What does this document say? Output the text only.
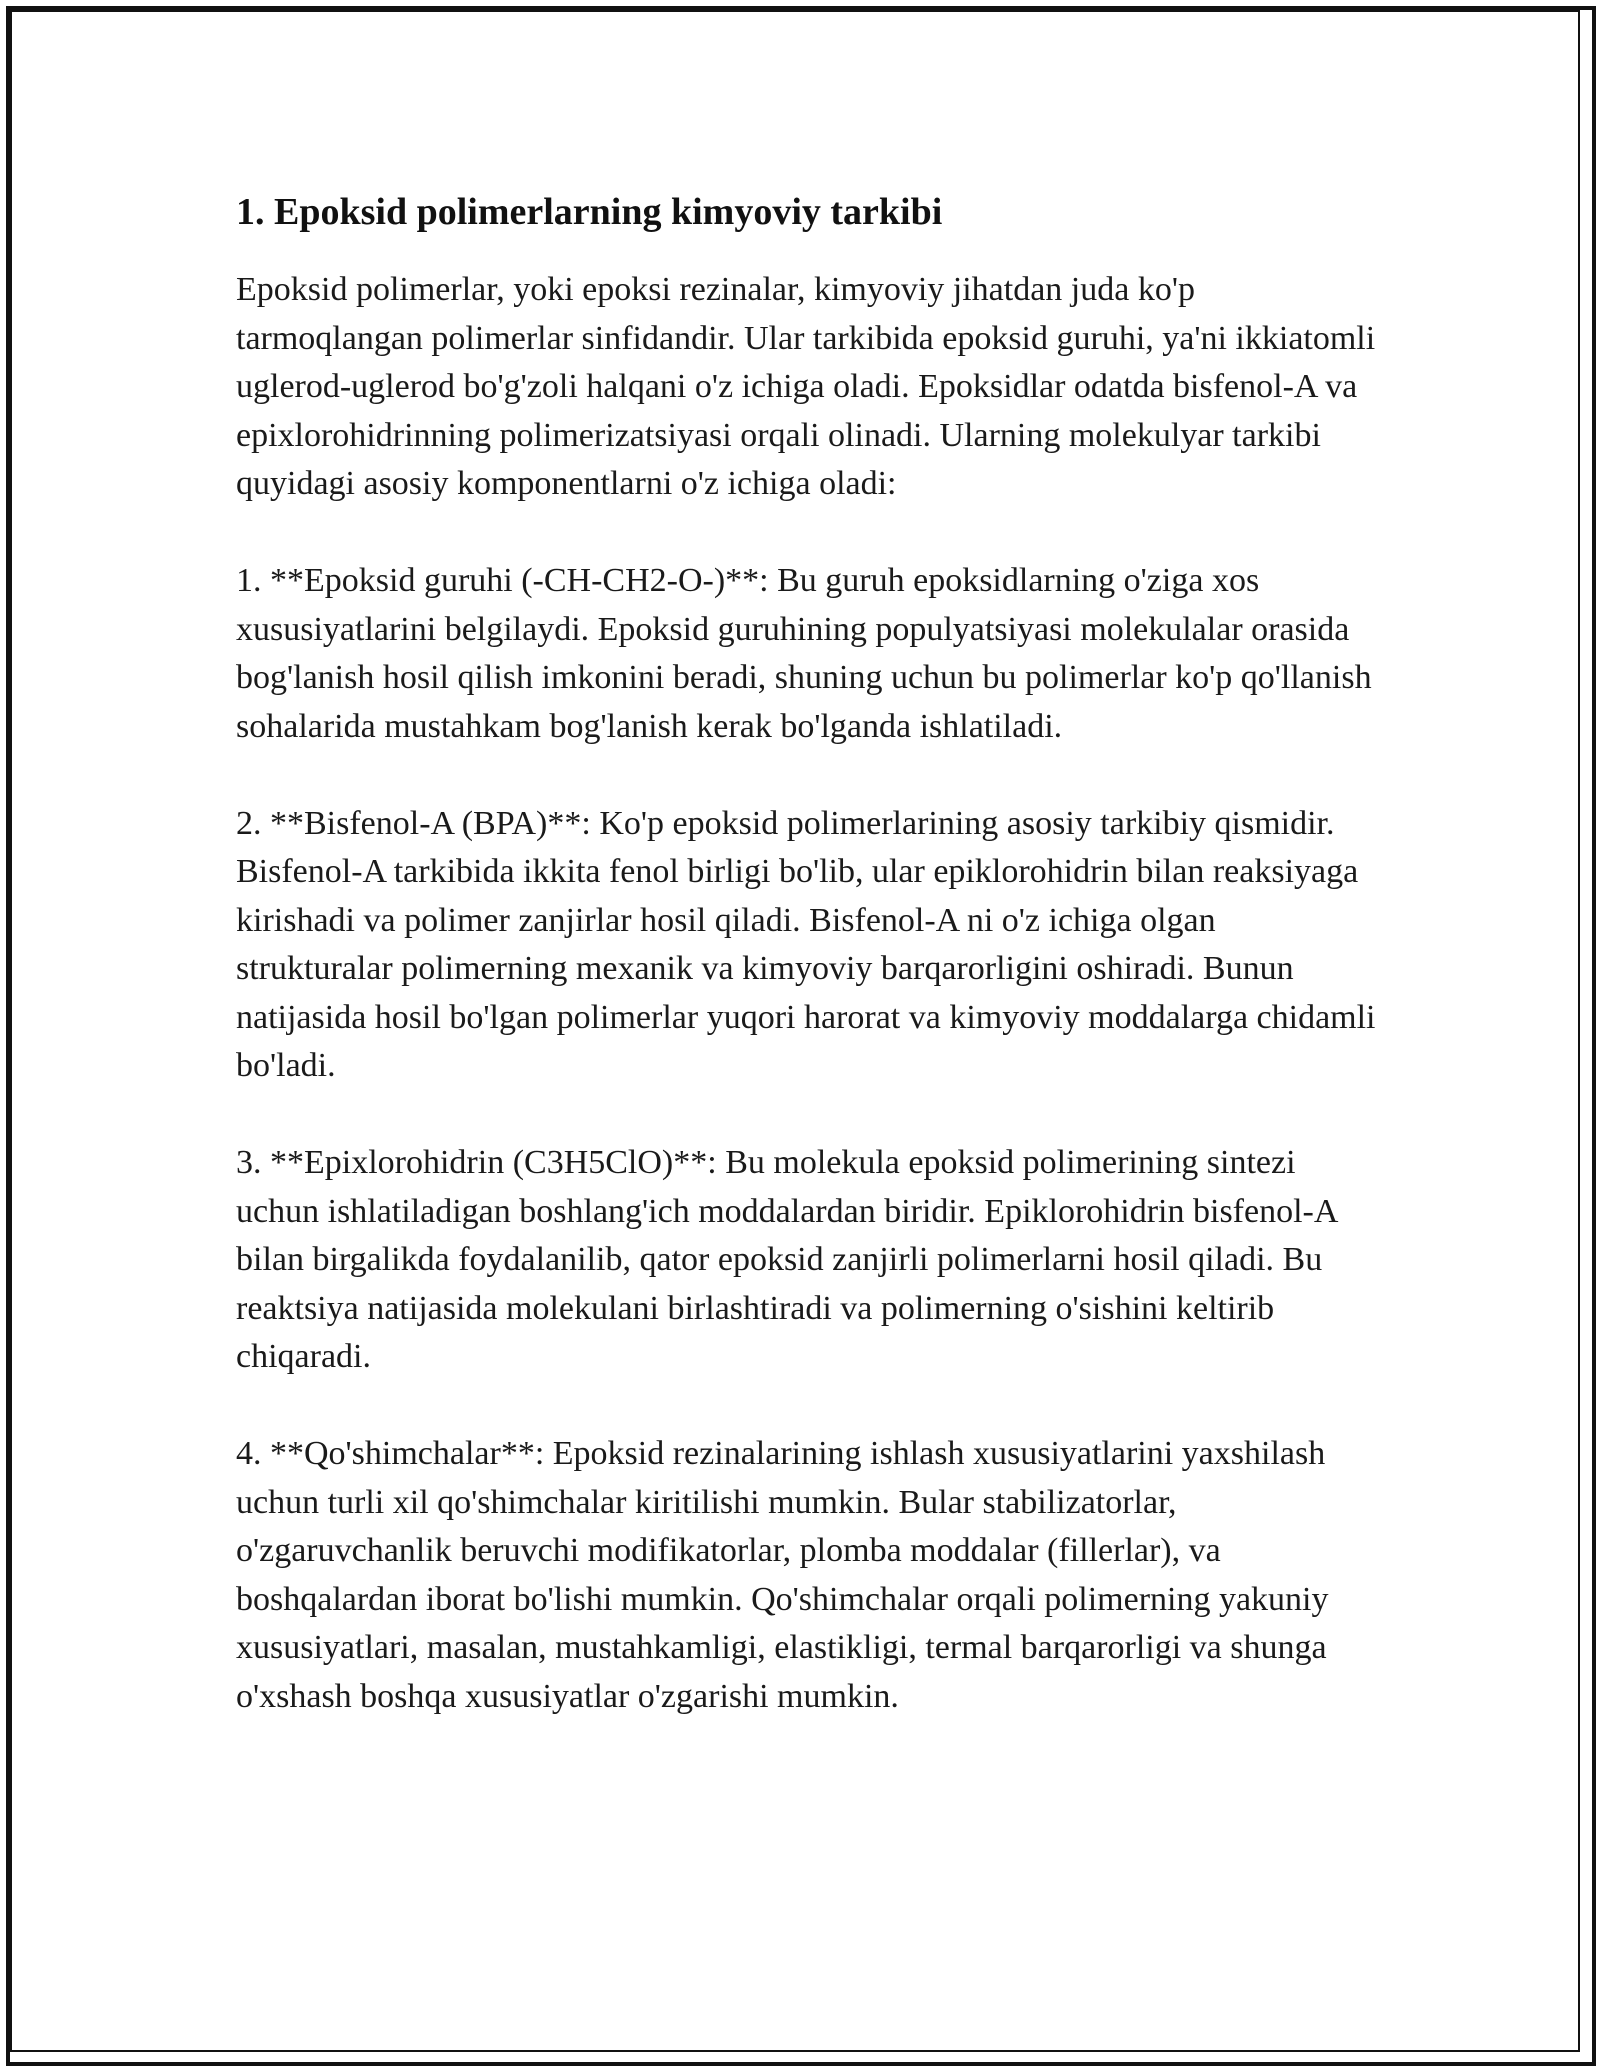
1. Epoksid polimerlarning kimyoviy tarkibi

Epoksid polimerlar, yoki epoksi rezinalar, kimyoviy jihatdan juda ko'p tarmoqlangan polimerlar sinfidandir. Ular tarkibida epoksid guruhi, ya'ni ikkiatomli uglerod-uglerod bo'g'zoli halqani o'z ichiga oladi. Epoksidlar odatda bisfenol-A va epixlorohidrinning polimerizatsiyasi orqali olinadi. Ularning molekulyar tarkibi quyidagi asosiy komponentlarni o'z ichiga oladi:

1. **Epoksid guruhi (-CH-CH2-O-)**: Bu guruh epoksidlarning o'ziga xos xususiyatlarini belgilaydi. Epoksid guruhining populyatsiyasi molekulalar orasida bog'lanish hosil qilish imkonini beradi, shuning uchun bu polimerlar ko'p qo'llanish sohalarida mustahkam bog'lanish kerak bo'lganda ishlatiladi.

2. **Bisfenol-A (BPA)**: Ko'p epoksid polimerlarining asosiy tarkibiy qismidir. Bisfenol-A tarkibida ikkita fenol birligi bo'lib, ular epiklorohidrin bilan reaksiyaga kirishadi va polimer zanjirlar hosil qiladi. Bisfenol-A ni o'z ichiga olgan strukturalar polimerning mexanik va kimyoviy barqarorligini oshiradi. Bunun natijasida hosil bo'lgan polimerlar yuqori harorat va kimyoviy moddalarga chidamli bo'ladi.

3. **Epixlorohidrin (C3H5ClO)**: Bu molekula epoksid polimerining sintezi uchun ishlatiladigan boshlang'ich moddalardan biridir. Epiklorohidrin bisfenol-A bilan birgalikda foydalanilib, qator epoksid zanjirli polimerlarni hosil qiladi. Bu reaktsiya natijasida molekulani birlashtiradi va polimerning o'sishini keltirib chiqaradi.

4. **Qo'shimchalar**: Epoksid rezinalarining ishlash xususiyatlarini yaxshilash uchun turli xil qo'shimchalar kiritilishi mumkin. Bular stabilizatorlar, o'zgaruvchanlik beruvchi modifikatorlar, plomba moddalar (fillerlar), va boshqalardan iborat bo'lishi mumkin. Qo'shimchalar orqali polimerning yakuniy xususiyatlari, masalan, mustahkamligi, elastikligi, termal barqarorligi va shunga o'xshash boshqa xususiyatlar o'zgarishi mumkin.
